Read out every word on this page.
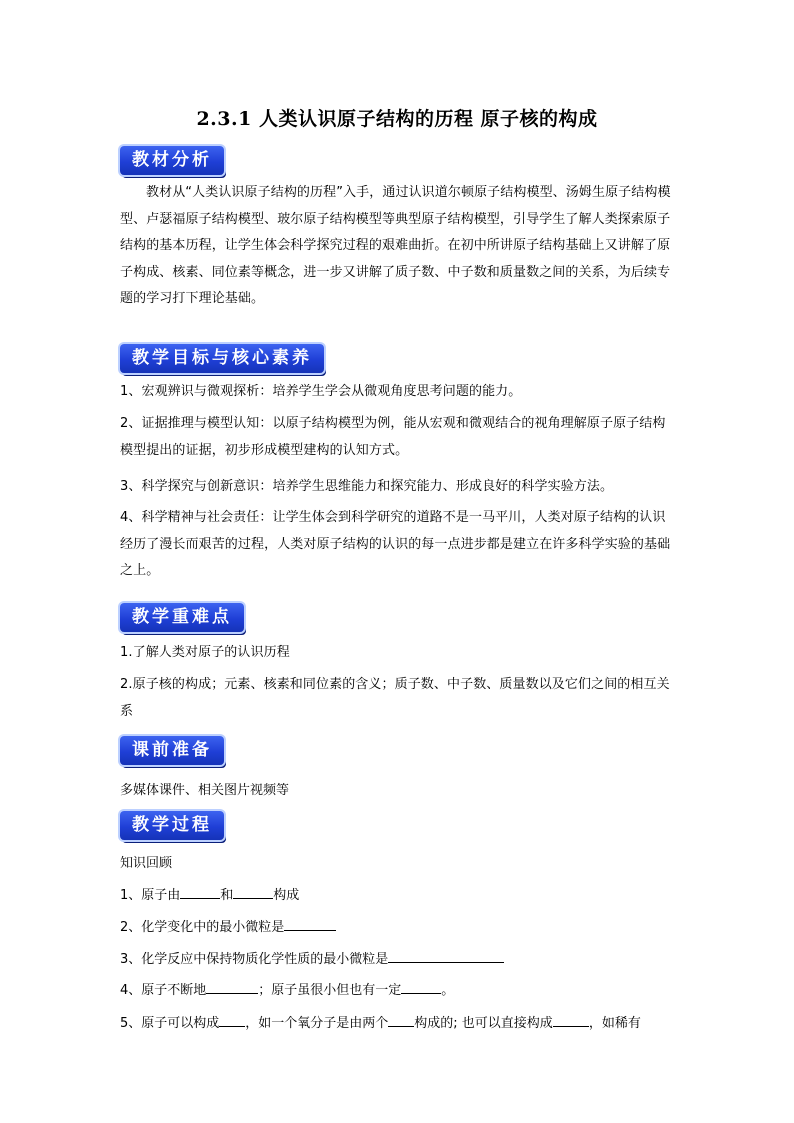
2.3.1 人类认识原子结构的历程 原子核的构成
教材分析
教材从“人类认识原子结构的历程”入手，通过认识道尔顿原子结构模型、汤姆生原子结构模型、卢瑟福原子结构模型、玻尔原子结构模型等典型原子结构模型，引导学生了解人类探索原子结构的基本历程，让学生体会科学探究过程的艰难曲折。在初中所讲原子结构基础上又讲解了原子构成、核素、同位素等概念，进一步又讲解了质子数、中子数和质量数之间的关系，为后续专题的学习打下理论基础。
教学目标与核心素养
1、宏观辨识与微观探析：培养学生学会从微观角度思考问题的能力。
2、证据推理与模型认知：以原子结构模型为例，能从宏观和微观结合的视角理解原子原子结构模型提出的证据，初步形成模型建构的认知方式。
3、科学探究与创新意识：培养学生思维能力和探究能力、形成良好的科学实验方法。
4、科学精神与社会责任：让学生体会到科学研究的道路不是一马平川，人类对原子结构的认识经历了漫长而艰苦的过程，人类对原子结构的认识的每一点进步都是建立在许多科学实验的基础之上。
教学重难点
1.了解人类对原子的认识历程
2.原子核的构成；元素、核素和同位素的含义；质子数、中子数、质量数以及它们之间的相互关系
课前准备
多媒体课件、相关图片视频等
教学过程
知识回顾
1、原子由	和	构成
2、化学变化中的最小微粒是
3、化学反应中保持物质化学性质的最小微粒是
4、原子不断地	；原子虽很小但也有一定	。
5、原子可以构成 ，如一个氧分子是由两个 构成的; 也可以直接构成	，如稀有
